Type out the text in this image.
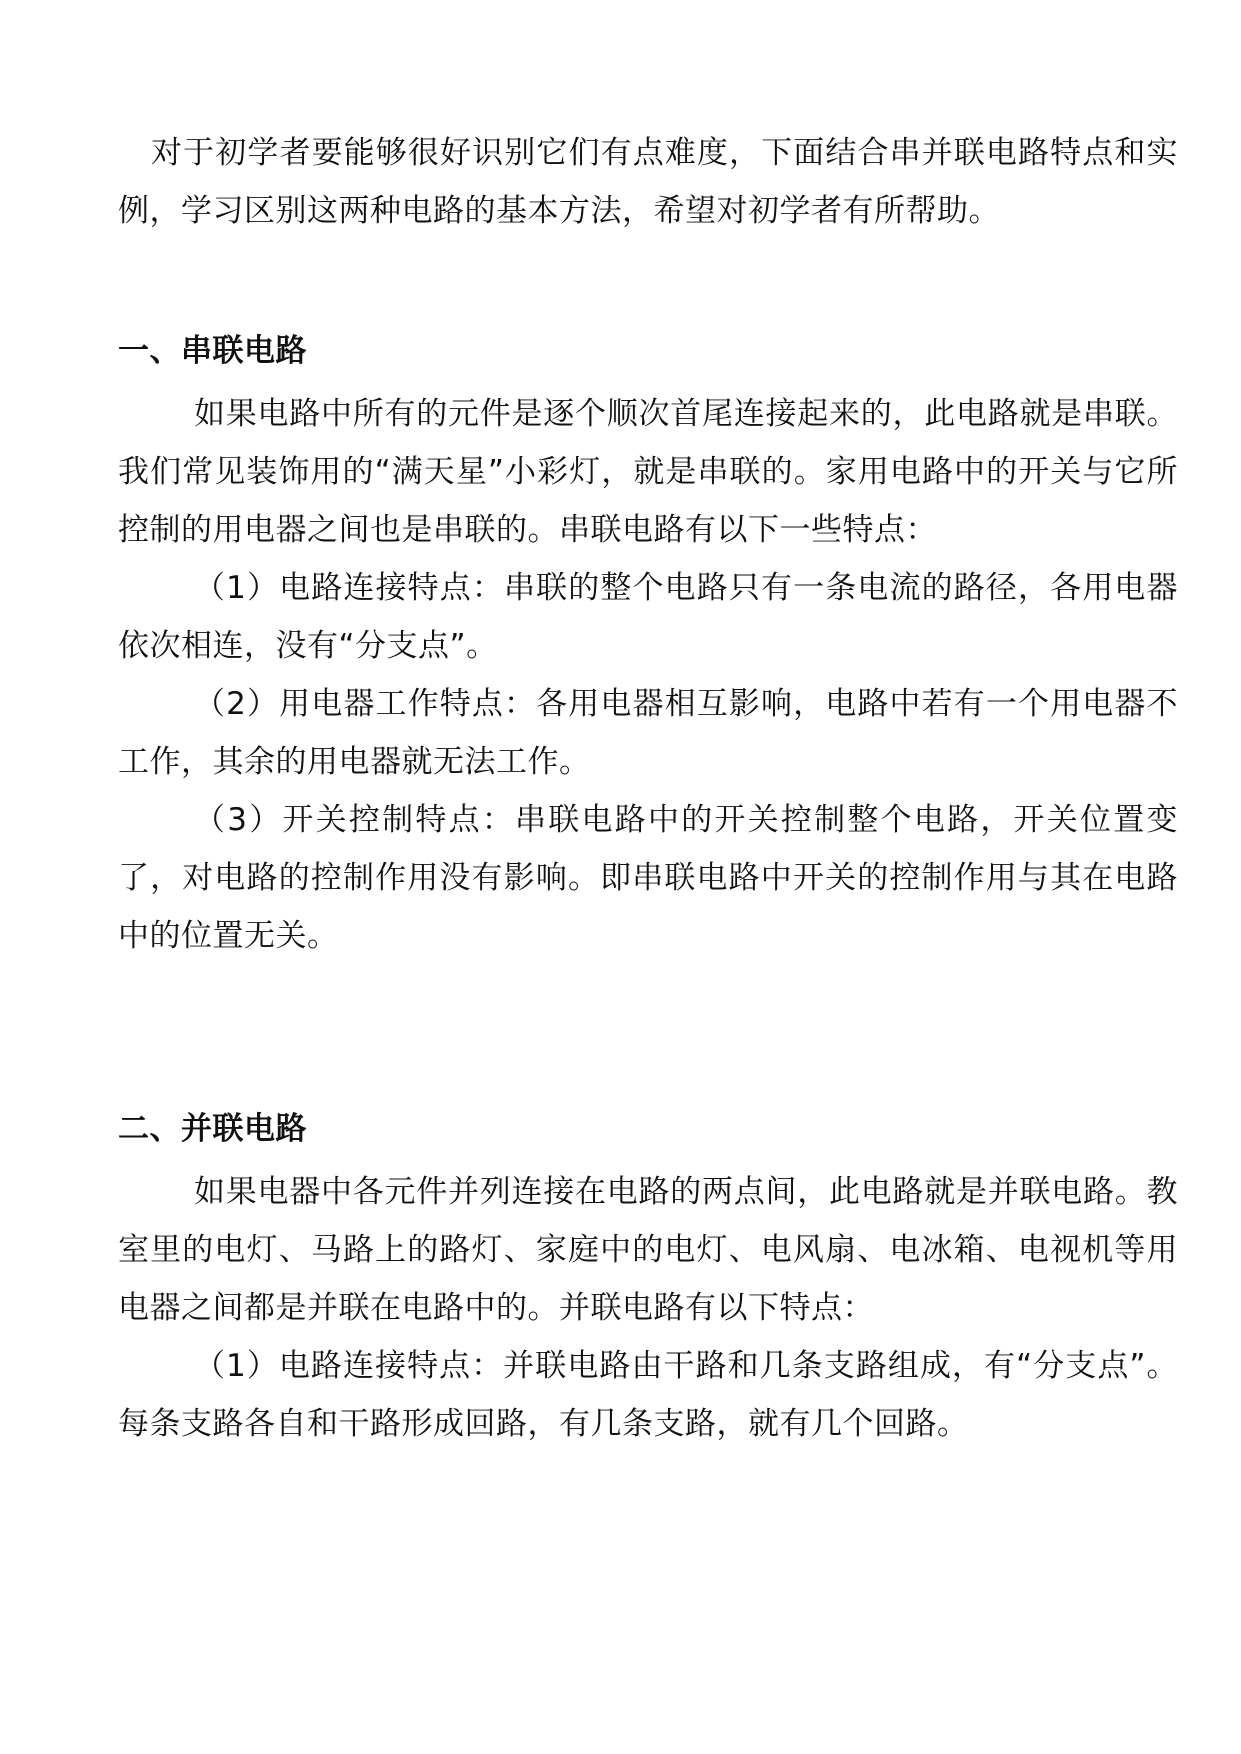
对于初学者要能够很好识别它们有点难度，下面结合串并联电路特点和实例，学习区别这两种电路的基本方法，希望对初学者有所帮助。

一、串联电路

如果电路中所有的元件是逐个顺次首尾连接起来的，此电路就是串联。我们常见装饰用的“满天星”小彩灯，就是串联的。家用电路中的开关与它所控制的用电器之间也是串联的。串联电路有以下一些特点：

（1）电路连接特点：串联的整个电路只有一条电流的路径，各用电器依次相连，没有“分支点”。

（2）用电器工作特点：各用电器相互影响，电路中若有一个用电器不工作，其余的用电器就无法工作。

（3）开关控制特点：串联电路中的开关控制整个电路，开关位置变了，对电路的控制作用没有影响。即串联电路中开关的控制作用与其在电路中的位置无关。

二、并联电路

如果电器中各元件并列连接在电路的两点间，此电路就是并联电路。教室里的电灯、马路上的路灯、家庭中的电灯、电风扇、电冰箱、电视机等用电器之间都是并联在电路中的。并联电路有以下特点：

（1）电路连接特点：并联电路由干路和几条支路组成，有“分支点”。每条支路各自和干路形成回路，有几条支路，就有几个回路。
